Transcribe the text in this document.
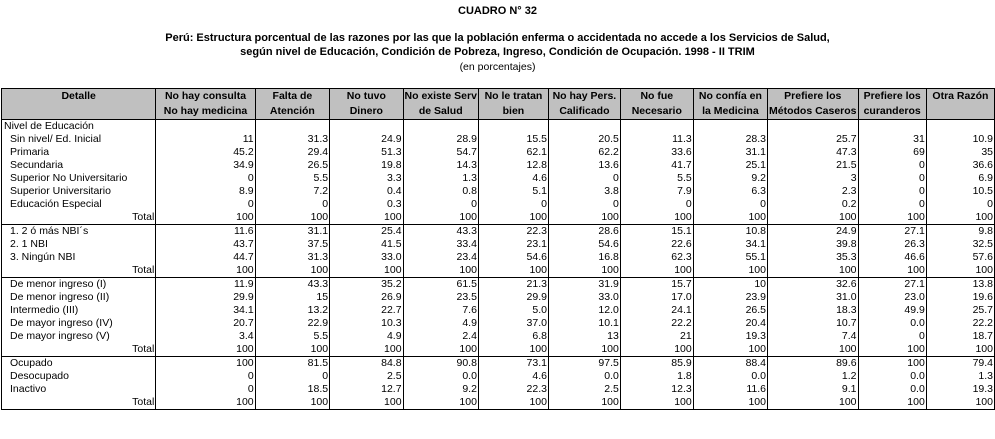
CUADRO N° 32
Perú: Estructura porcentual de las razones por las que la población enferma o accidentada no accede a los Servicios de Salud,
según nivel de Educación, Condición de Pobreza, Ingreso, Condición de Ocupación. 1998 - II TRIM
(en porcentajes)
Detalle	No hay consulta	Falta de	No tuvo	No existe Serv	No le tratan	No hay Pers.	No fue	No confía en	Prefiere los	Prefiere los	Otra Razón
	No hay medicina	Atención	Dinero	de Salud	bien	Calificado	Necesario	la Medicina	Métodos Caseros	curanderos	
Nivel de Educación											
Sin nivel/ Ed. Inicial	11	31.3	24.9	28.9	15.5	20.5	11.3	28.3	25.7	31	10.9
Primaria	45.2	29.4	51.3	54.7	62.1	62.2	33.6	31.1	47.3	69	35
Secundaria	34.9	26.5	19.8	14.3	12.8	13.6	41.7	25.1	21.5	0	36.6
Superior No Universitario	0	5.5	3.3	1.3	4.6	0	5.5	9.2	3	0	6.9
Superior Universitario	8.9	7.2	0.4	0.8	5.1	3.8	7.9	6.3	2.3	0	10.5
Educación Especial	0	0	0.3	0	0	0	0	0	0.2	0	0
Total	100	100	100	100	100	100	100	100	100	100	100
1. 2 ó más NBI´s	11.6	31.1	25.4	43.3	22.3	28.6	15.1	10.8	24.9	27.1	9.8
2. 1 NBI	43.7	37.5	41.5	33.4	23.1	54.6	22.6	34.1	39.8	26.3	32.5
3. Ningún NBI	44.7	31.3	33.0	23.4	54.6	16.8	62.3	55.1	35.3	46.6	57.6
Total	100	100	100	100	100	100	100	100	100	100	100
De menor ingreso (I)	11.9	43.3	35.2	61.5	21.3	31.9	15.7	10	32.6	27.1	13.8
De menor ingreso (II)	29.9	15	26.9	23.5	29.9	33.0	17.0	23.9	31.0	23.0	19.6
Intermedio (III)	34.1	13.2	22.7	7.6	5.0	12.0	24.1	26.5	18.3	49.9	25.7
De mayor ingreso (IV)	20.7	22.9	10.3	4.9	37.0	10.1	22.2	20.4	10.7	0.0	22.2
De mayor ingreso (V)	3.4	5.5	4.9	2.4	6.8	13	21	19.3	7.4	0	18.7
Total	100	100	100	100	100	100	100	100	100	100	100
Ocupado	100	81.5	84.8	90.8	73.1	97.5	85.9	88.4	89.6	100	79.4
Desocupado	0	0	2.5	0.0	4.6	0.0	1.8	0.0	1.2	0.0	1.3
Inactivo	0	18.5	12.7	9.2	22.3	2.5	12.3	11.6	9.1	0.0	19.3
Total	100	100	100	100	100	100	100	100	100	100	100
